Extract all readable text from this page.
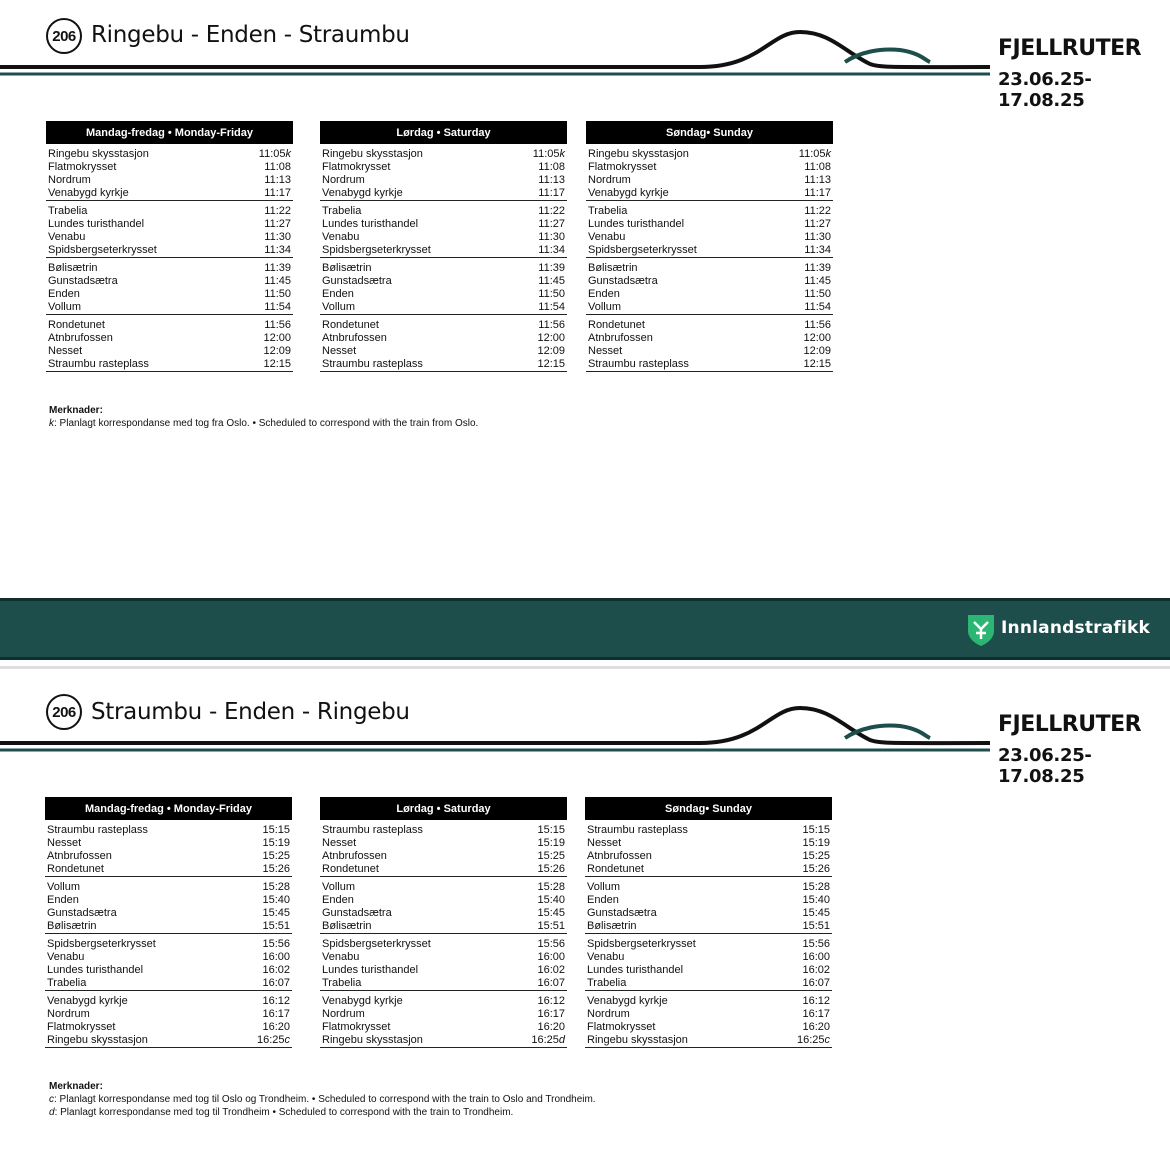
206 Ringebu - Enden - Straumbu
FJELLRUTER
23.06.25-17.08.25
Mandag-fredag • Monday-Friday
Ringebu skysstasjon	11:05k
Flatmokrysset	11:08
Nordrum	11:13
Venabygd kyrkje	11:17
Trabelia	11:22
Lundes turisthandel	11:27
Venabu	11:30
Spidsbergseterkrysset	11:34
Bølisætrin	11:39
Gunstadsætra	11:45
Enden	11:50
Vollum	11:54
Rondetunet	11:56
Atnbrufossen	12:00
Nesset	12:09
Straumbu rasteplass	12:15
Lørdag • Saturday
Ringebu skysstasjon	11:05k
Flatmokrysset	11:08
Nordrum	11:13
Venabygd kyrkje	11:17
Trabelia	11:22
Lundes turisthandel	11:27
Venabu	11:30
Spidsbergseterkrysset	11:34
Bølisætrin	11:39
Gunstadsætra	11:45
Enden	11:50
Vollum	11:54
Rondetunet	11:56
Atnbrufossen	12:00
Nesset	12:09
Straumbu rasteplass	12:15
Søndag• Sunday
Ringebu skysstasjon	11:05k
Flatmokrysset	11:08
Nordrum	11:13
Venabygd kyrkje	11:17
Trabelia	11:22
Lundes turisthandel	11:27
Venabu	11:30
Spidsbergseterkrysset	11:34
Bølisætrin	11:39
Gunstadsætra	11:45
Enden	11:50
Vollum	11:54
Rondetunet	11:56
Atnbrufossen	12:00
Nesset	12:09
Straumbu rasteplass	12:15
Merknader:
k: Planlagt korrespondanse med tog fra Oslo. • Scheduled to correspond with the train from Oslo.
Innlandstrafikk
206 Straumbu - Enden - Ringebu	FJELLRUTER
23.06.25-17.08.25
Mandag-fredag • Monday-Friday
Straumbu rasteplass	15:15
Nesset	15:19
Atnbrufossen	15:25
Rondetunet	15:26
Vollum	15:28
Enden	15:40
Gunstadsætra	15:45
Bølisætrin	15:51
Spidsbergseterkrysset	15:56
Venabu	16:00
Lundes turisthandel	16:02
Trabelia	16:07
Venabygd kyrkje	16:12
Nordrum	16:17
Flatmokrysset	16:20
Ringebu skysstasjon	16:25c
Lørdag • Saturday
Straumbu rasteplass	15:15
Nesset	15:19
Atnbrufossen	15:25
Rondetunet	15:26
Vollum	15:28
Enden	15:40
Gunstadsætra	15:45
Bølisætrin	15:51
Spidsbergseterkrysset	15:56
Venabu	16:00
Lundes turisthandel	16:02
Trabelia	16:07
Venabygd kyrkje	16:12
Nordrum	16:17
Flatmokrysset	16:20
Ringebu skysstasjon	16:25d
Søndag• Sunday
Straumbu rasteplass	15:15
Nesset	15:19
Atnbrufossen	15:25
Rondetunet	15:26
Vollum	15:28
Enden	15:40
Gunstadsætra	15:45
Bølisætrin	15:51
Spidsbergseterkrysset	15:56
Venabu	16:00
Lundes turisthandel	16:02
Trabelia	16:07
Venabygd kyrkje	16:12
Nordrum	16:17
Flatmokrysset	16:20
Ringebu skysstasjon	16:25c
Merknader:
c: Planlagt korrespondanse med tog til Oslo og Trondheim. • Scheduled to correspond with the train to Oslo and Trondheim.
d: Planlagt korrespondanse med tog til Trondheim • Scheduled to correspond with the train to Trondheim.
